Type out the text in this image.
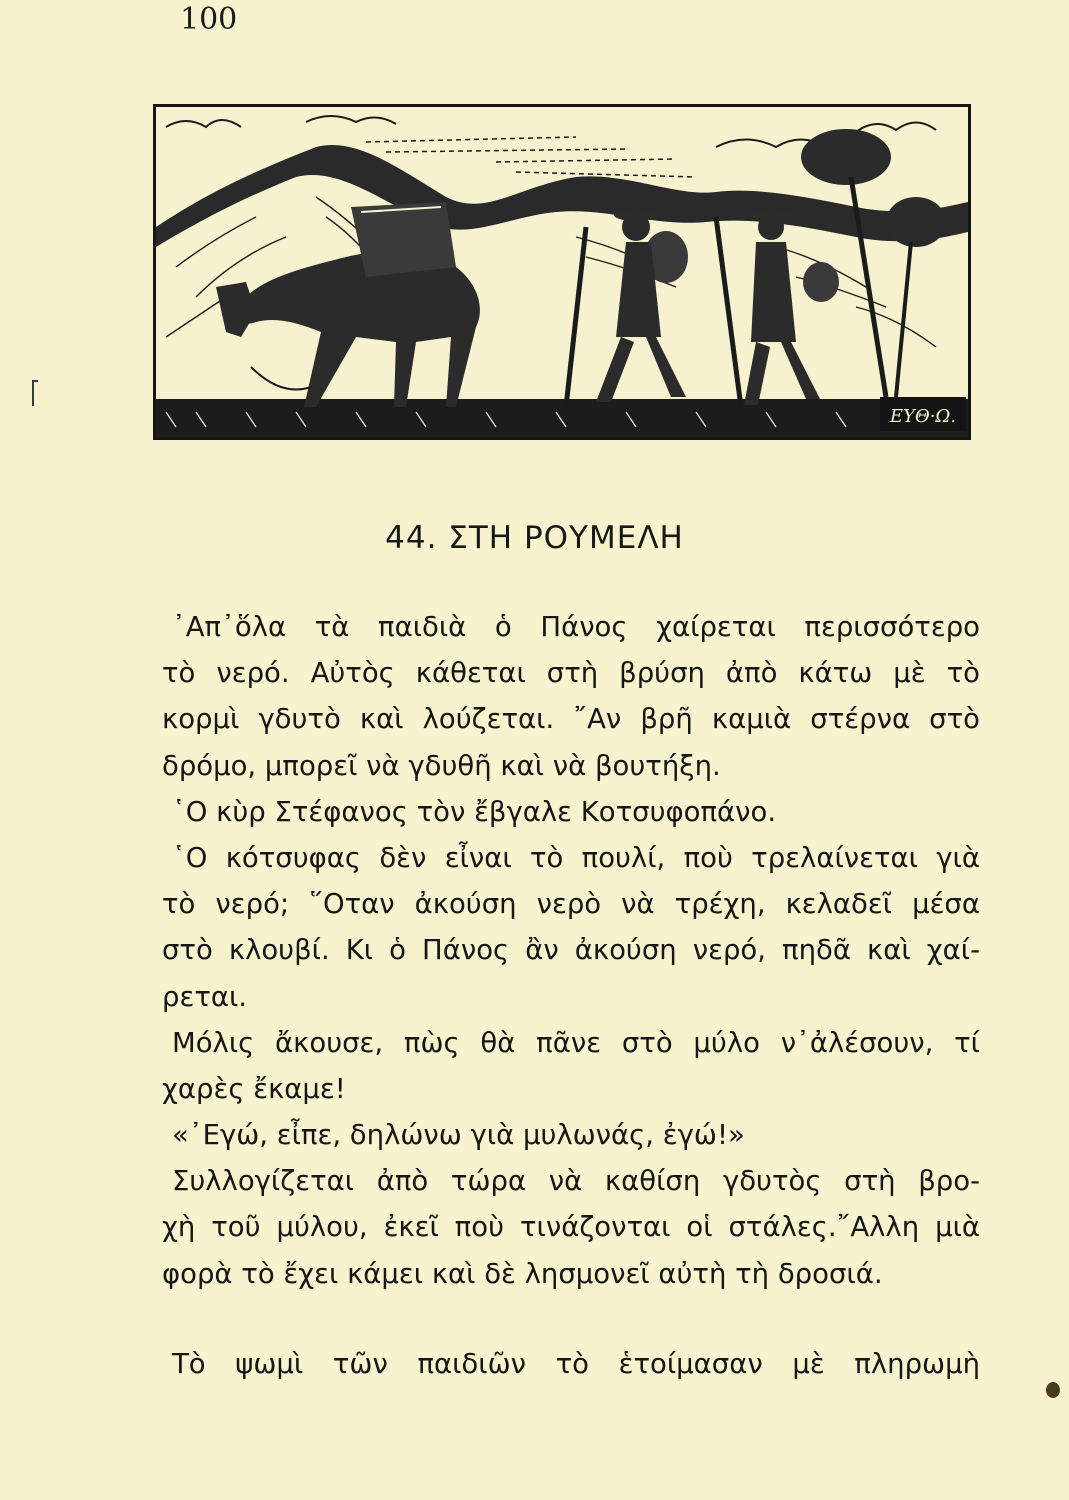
100
ΕΥΘ·Ω.
44. ΣΤΗ ΡΟΥΜΕΛΗ
᾿Απ᾿ὅλα τὰ παιδιὰ ὁ Πάνος χαίρεται περισσότερο
τὸ νερό. Αὐτὸς κάθεται στὴ βρύση ἀπὸ κάτω μὲ τὸ
κορμὶ γδυτὸ καὶ λούζεται. ῎Αν βρῆ καμιὰ στέρνα στὸ
δρόμο, μπορεῖ νὰ γδυθῆ καὶ νὰ βουτήξη.
῾Ο κὺρ Στέφανος τὸν ἔβγαλε Κοτσυφοπάνο.
῾Ο κότσυφας δὲν εἶναι τὸ πουλί, ποὺ τρελαίνεται γιὰ
τὸ νερό; ῞Οταν ἀκούση νερὸ νὰ τρέχη, κελαδεῖ μέσα
στὸ κλουβί. Κι ὁ Πάνος ἂν ἀκούση νερό, πηδᾶ καὶ χαί-
ρεται.
Μόλις ἄκουσε, πὼς θὰ πᾶνε στὸ μύλο ν᾿ἀλέσουν, τί
χαρὲς ἔκαμε!
«᾿Εγώ, εἶπε, δηλώνω γιὰ μυλωνάς, ἐγώ!»
Συλλογίζεται ἀπὸ τώρα νὰ καθίση γδυτὸς στὴ βρο-
χὴ τοῦ μύλου, ἐκεῖ ποὺ τινάζονται οἱ στάλες.῎Αλλη μιὰ
φορὰ τὸ ἔχει κάμει καὶ δὲ λησμονεῖ αὐτὴ τὴ δροσιά.
Τὸ ψωμὶ τῶν παιδιῶν τὸ ἑτοίμασαν μὲ πληρωμὴ
